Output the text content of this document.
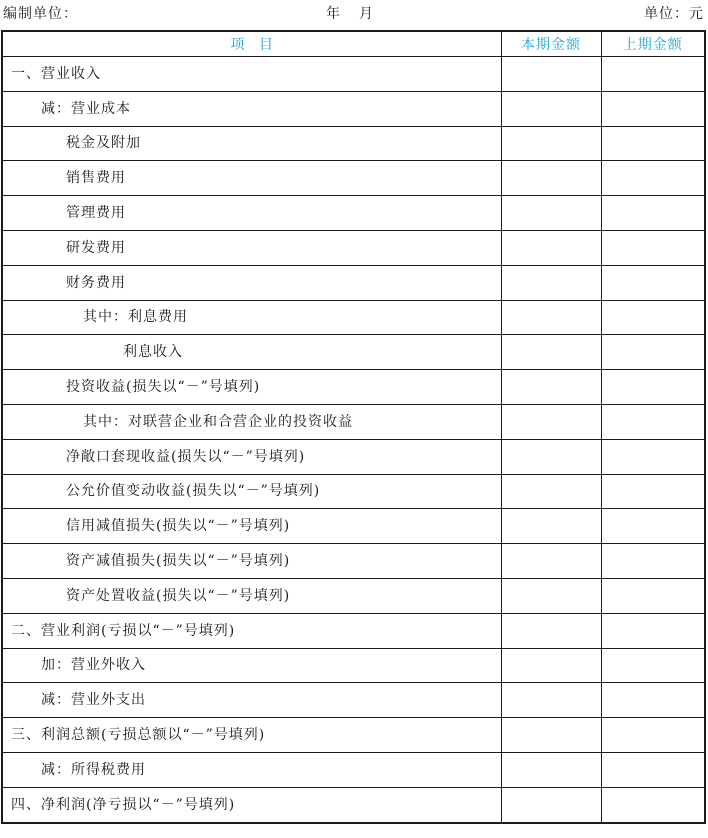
编制单位：	年 月	单位：元
项 目	本期金额	上期金额
一、营业收入		
减：营业成本		
税金及附加		
销售费用		
管理费用		
研发费用		
财务费用		
其中：利息费用		
利息收入		
投资收益(损失以“－”号填列)		
其中：对联营企业和合营企业的投资收益		
净敞口套现收益(损失以“－”号填列)		
公允价值变动收益(损失以“－”号填列)		
信用减值损失(损失以“－”号填列)		
资产减值损失(损失以“－”号填列)		
资产处置收益(损失以“－”号填列)		
二、营业利润(亏损以“－”号填列)		
加：营业外收入		
减：营业外支出		
三、利润总额(亏损总额以“－”号填列)		
减：所得税费用		
四、净利润(净亏损以“－”号填列)		
